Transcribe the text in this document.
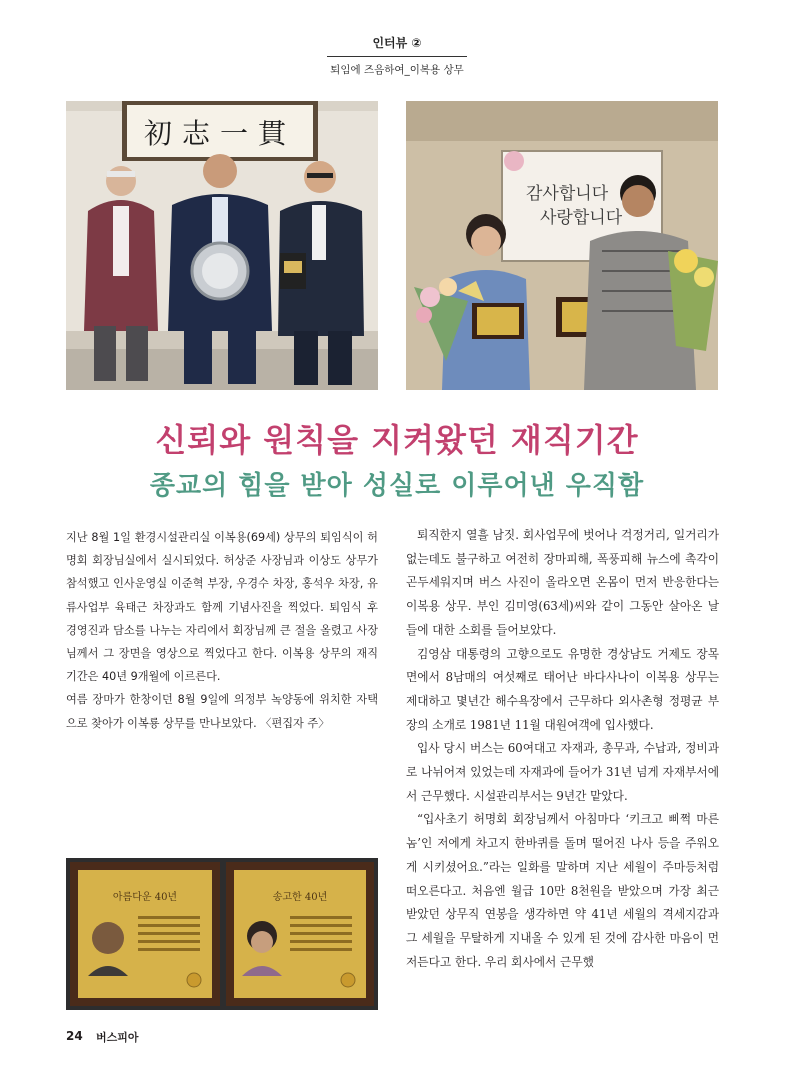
인터뷰 ②
퇴임에 즈음하여_이복용 상무
初志一貫
감사합니다
사랑합니다
신뢰와 원칙을 지켜왔던 재직기간
종교의 힘을 받아 성실로 이루어낸 우직함

지난 8월 1일 환경시설관리실 이복용(69세) 상무의 퇴임식이 허명회 회장님실에서 실시되었다. 허상준 사장님과 이상도 상무가 참석했고 인사운영실 이준혁 부장, 우경수 차장, 홍석우 차장, 유류사업부 육태근 차장과도 함께 기념사진을 찍었다. 퇴임식 후 경영진과 담소를 나누는 자리에서 회장님께 큰 절을 올렸고 사장님께서 그 장면을 영상으로 찍었다고 한다. 이복용 상무의 재직기간은 40년 9개월에 이르른다.

여름 장마가 한창이던 8월 9일에 의정부 녹양동에 위치한 자택으로 찾아가 이복룡 상무를 만나보았다. 〈편집자 주〉

퇴직한지 열흘 남짓. 회사업무에 벗어나 걱정거리, 일거리가 없는데도 불구하고 여전히 장마피해, 폭풍피해 뉴스에 촉각이 곤두세워지며 버스 사진이 올라오면 온몸이 먼저 반응한다는 이복용 상무. 부인 김미영(63세)씨와 같이 그동안 살아온 날들에 대한 소회를 들어보았다.

김영삼 대통령의 고향으로도 유명한 경상남도 거제도 장목면에서 8남매의 여섯째로 태어난 바다사나이 이복용 상무는 제대하고 몇년간 해수욕장에서 근무하다 외사촌형 정평균 부장의 소개로 1981년 11월 대원여객에 입사했다.

입사 당시 버스는 60여대고 자재과, 총무과, 수납과, 정비과로 나뉘어져 있었는데 자재과에 들어가 31년 넘게 자재부서에서 근무했다. 시설관리부서는 9년간 맡았다.

“입사초기 허명회 회장님께서 아침마다 ‘키크고 삐쩍 마른 놈’인 저에게 차고지 한바퀴를 돌며 떨어진 나사 등을 주워오게 시키셨어요.”라는 일화를 말하며 지난 세월이 주마등처럼 떠오른다고. 처음엔 월급 10만 8천원을 받았으며 가장 최근 받았던 상무직 연봉을 생각하면 약 41년 세월의 격세지감과 그 세월을 무탈하게 지내올 수 있게 된 것에 감사한 마음이 먼저든다고 한다. 우리 회사에서 근무했

아름다운 40년	송고한 40년
24 버스피아
